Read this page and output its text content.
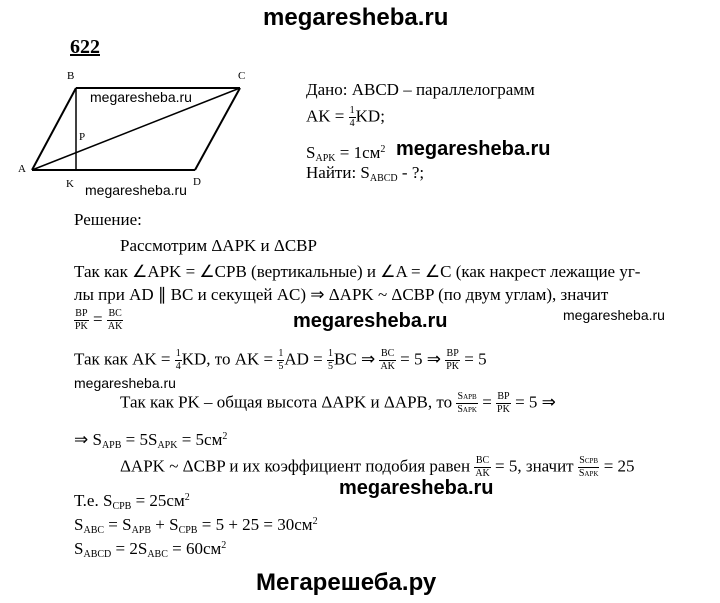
megaresheba.ru
622
B	C
A
K	D
P
megaresheba.ru
megaresheba.ru
Дано: ABCD – параллелограмм
AK = $\frac{1}{4}$ KD;
$S_{APK} = 1см^2$ megaresheba.ru
Найти: $S_{ABCD}$ - ?;
Решение:
Рассмотрим ΔAPK и ΔCBP
Так как ∠APK = ∠CPB (вертикальные) и ∠A = ∠C (как накрест лежащие уг-
лы при AD ∥ BC и секущей AC) ⇒ ΔAPK ~ ΔCBP (по двум углам), значит
$\frac{BP}{PK} = \frac{BC}{AK}$	megaresheba.ru	megaresheba.ru
Так как AK = $\frac{1}{4}$ KD, то AK = $\frac{1}{5}$ AD = $\frac{1}{5}$ BC ⇒ $\frac{BC}{AK} = 5$ ⇒ $\frac{BP}{PK} = 5$
megaresheba.ru
Так как PK – общая высота ΔAPK и ΔAPB, то $\frac{\text{SAPB}}{\text{SAPK}} = \frac{BP}{PK} = 5$ ⇒
⇒ $S_{APB} = 5S_{APK} = 5см^2$
ΔAPK ~ ΔCBP и их коэффициент подобия равен $\frac{BC}{AK} = 5$, значит $\frac{\text{SCPB}}{\text{SAPK}} = 25$
Т.е. $S_{CPB} = 25см^2$	megaresheba.ru
$S_{ABC} = S_{APB} + S_{CPB} = 5 + 25 = 30см^2$
$S_{ABCD} = 2S_{ABC} = 60см^2$
Мегарешеба.ру
